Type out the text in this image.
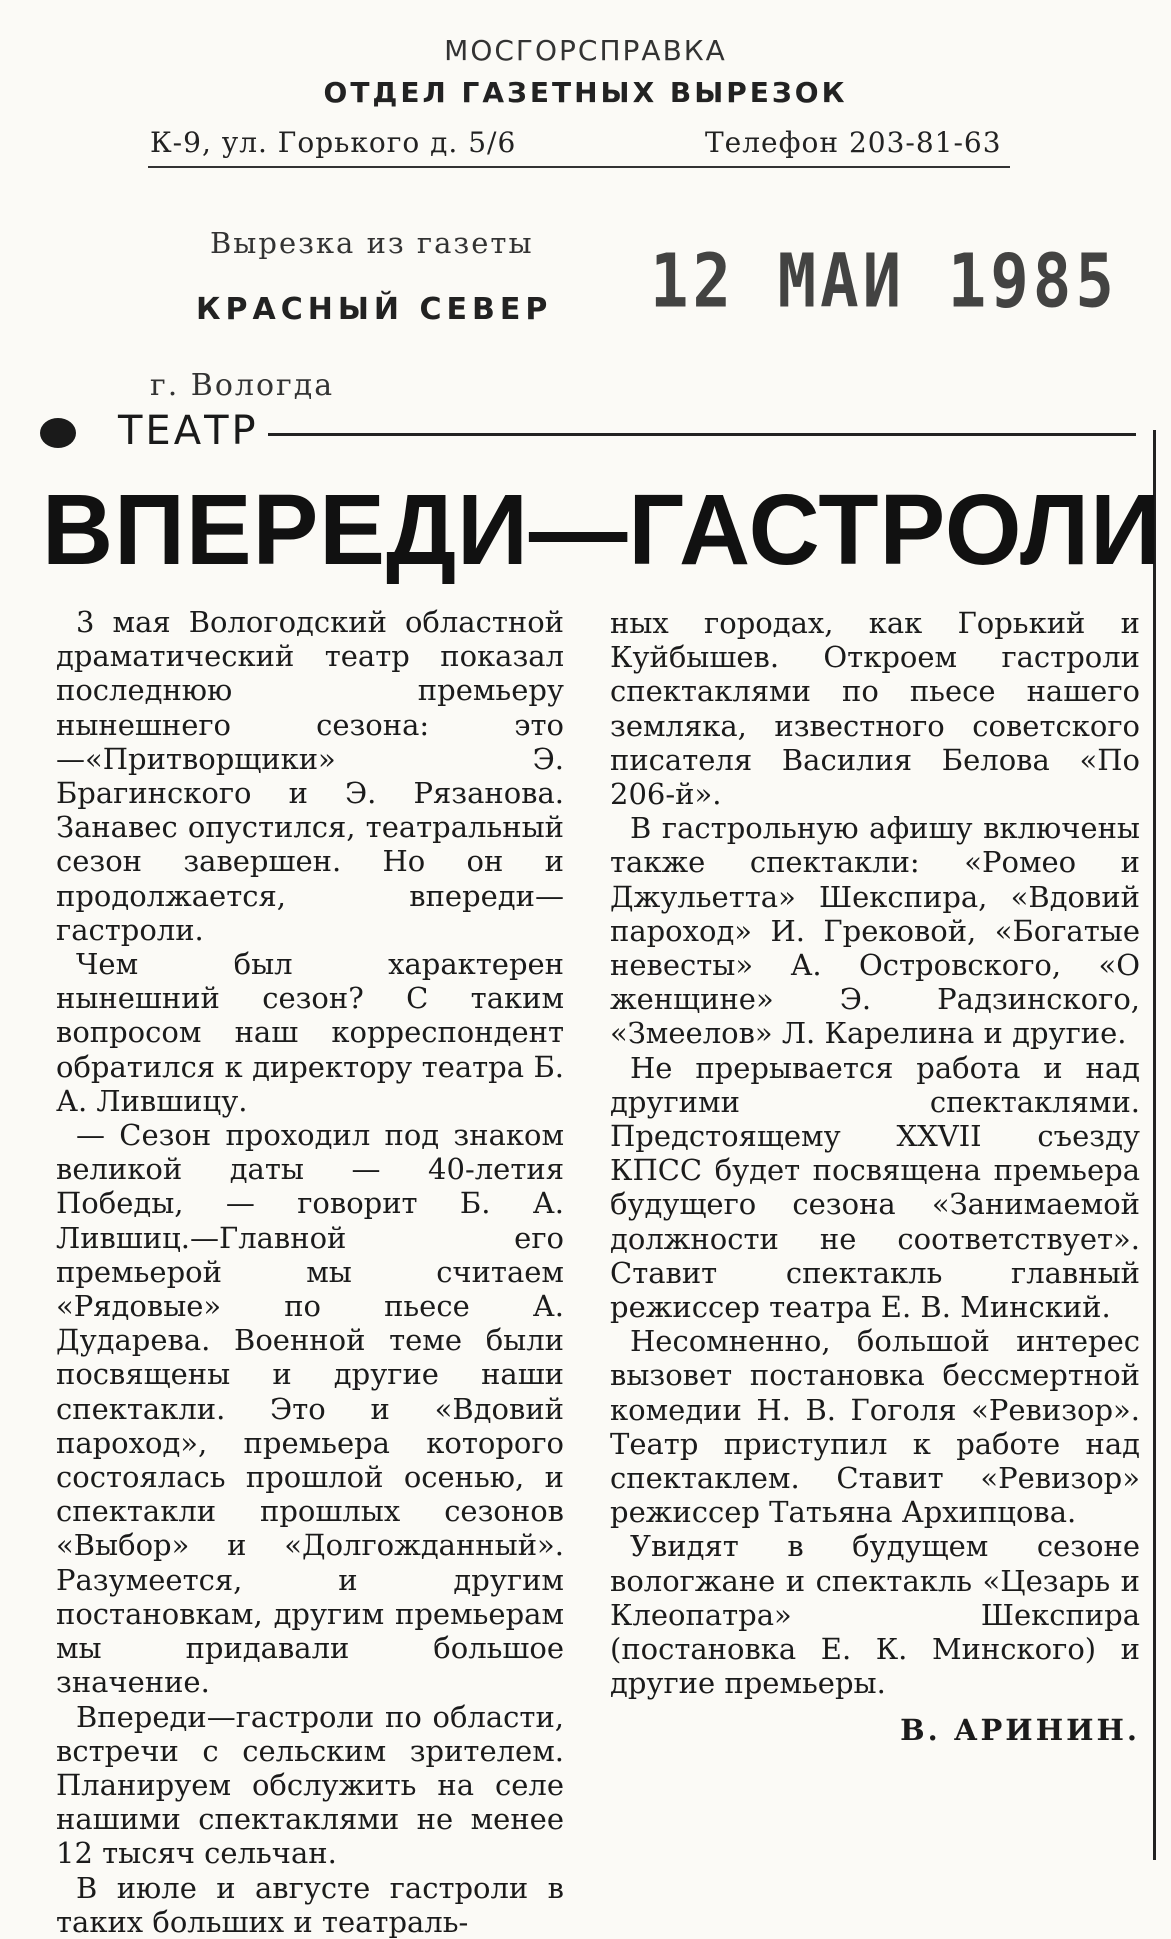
МОСГОРСПРАВКА
ОТДЕЛ ГАЗЕТНЫХ ВЫРЕЗОК
К-9, ул. Горького д. 5/6	Телефон 203-81-63
Вырезка из газеты
КРАСНЫЙ СЕВЕР 12 МАИ 1985
г. Вологда
ТЕАТР
ВПЕРЕДИ—ГАСТРОЛИ

3 мая Вологодский областной драматический театр показал последнюю премьеру нынешнего сезона: это—«Притворщики» Э. Брагинского и Э. Рязанова. Занавес опустился, театральный сезон завершен. Но он и продолжается, впереди—гастроли.

Чем был характерен нынешний сезон? С таким вопросом наш корреспондент обратился к директору театра Б. А. Лившицу.

— Сезон проходил под знаком великой даты — 40-летия Победы, — говорит Б. А. Лившиц.—Главной его премьерой мы считаем «Рядовые» по пьесе А. Дударева. Военной теме были посвящены и другие наши спектакли. Это и «Вдовий пароход», премьера которого состоялась прошлой осенью, и спектакли прошлых сезонов «Выбор» и «Долгожданный». Разумеется, и другим постановкам, другим премьерам мы придавали большое значение.

Впереди—гастроли по области, встречи с сельским зрителем. Планируем обслужить на селе нашими спектаклями не менее 12 тысяч сельчан.

В июле и августе гастроли в таких больших и театраль-

ных городах, как Горький и Куйбышев. Откроем гастроли спектаклями по пьесе нашего земляка, известного советского писателя Василия Белова «По 206-й».

В гастрольную афишу включены также спектакли: «Ромео и Джульетта» Шекспира, «Вдовий пароход» И. Грековой, «Богатые невесты» А. Островского, «О женщине» Э. Радзинского, «Змеелов» Л. Карелина и другие.

Не прерывается работа и над другими спектаклями. Предстоящему XXVII съезду КПСС будет посвящена премьера будущего сезона «Занимаемой должности не соответствует». Ставит спектакль главный режиссер театра Е. В. Минский.

Несомненно, большой интерес вызовет постановка бессмертной комедии Н. В. Гоголя «Ревизор». Театр приступил к работе над спектаклем. Ставит «Ревизор» режиссер Татьяна Архипцова.

Увидят в будущем сезоне вологжане и спектакль «Цезарь и Клеопатра» Шекспира (постановка Е. К. Минского) и другие премьеры.

В. АРИНИН.
